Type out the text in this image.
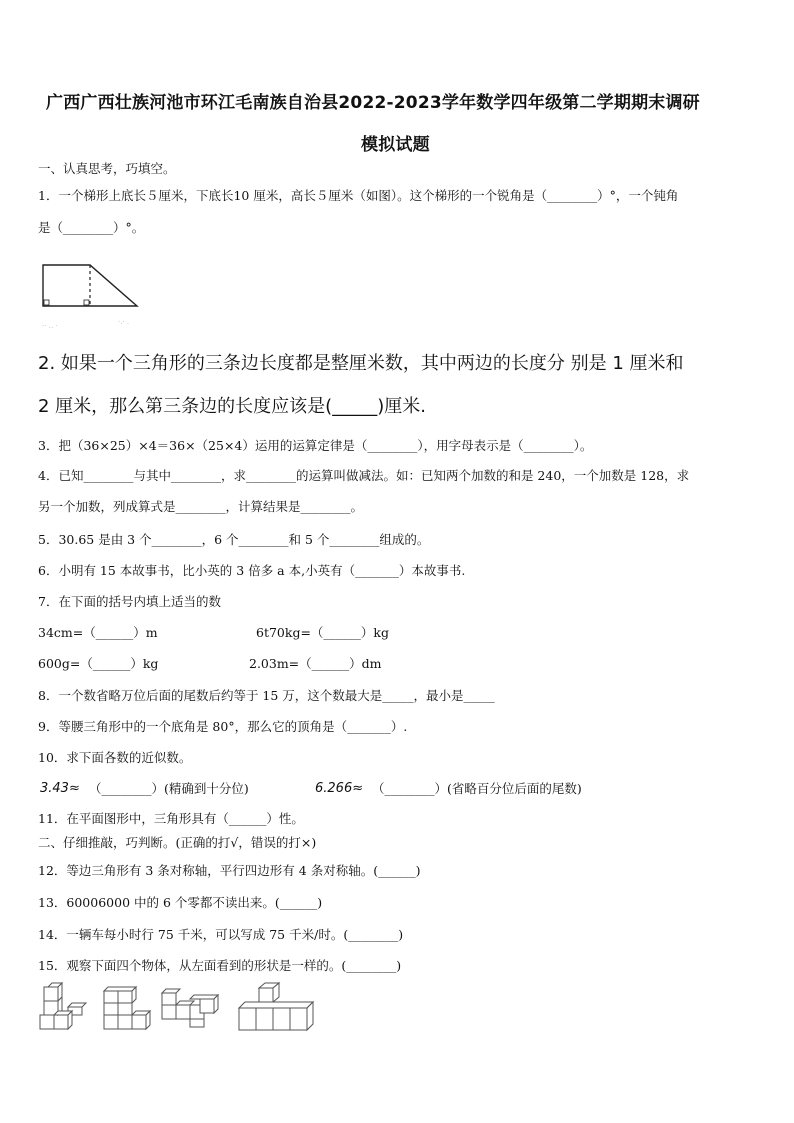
广西广西壮族河池市环江毛南族自治县2022-2023学年数学四年级第二学期期末调研
模拟试题
一、认真思考，巧填空。
1．一个梯形上底长５厘米，下底长10 厘米，高长５厘米（如图）。这个梯形的一个锐角是（________）°，一个钝角
是（________）°。
·· ‥ ·	·.· .
2. 如果一个三角形的三条边长度都是整厘米数，其中两边的长度分 别是 1 厘米和
2 厘米，那么第三条边的长度应该是(_____)厘米.
3．把（36×25）×4＝36×（25×4）运用的运算定律是（________），用字母表示是（________）。
4．已知________与其中________，求________的运算叫做减法。如：已知两个加数的和是 240，一个加数是 128，求
另一个加数，列成算式是________，计算结果是________。
5．30.65 是由 3 个________，6 个________和 5 个________组成的。
6．小明有 15 本故事书，比小英的 3 倍多 a 本,小英有（_______）本故事书.
7．在下面的括号内填上适当的数
34cm=（______）m	6t70kg=（______）kg
600g=（______）kg	2.03m=（______）dm
8．一个数省略万位后面的尾数后约等于 15 万，这个数最大是_____，最小是_____
9．等腰三角形中的一个底角是 80°，那么它的顶角是（_______）.
10．求下面各数的近似数。
3.43≈ （________）(精确到十分位)	6.266≈ （________）(省略百分位后面的尾数)
11．在平面图形中，三角形具有（______）性。
二、仔细推敲，巧判断。(正确的打√，错误的打×)
12．等边三角形有 3 条对称轴，平行四边形有 4 条对称轴。(______)
13．60006000 中的 6 个零都不读出来。(______)
14．一辆车每小时行 75 千米，可以写成 75 千米/时。(________)
15．观察下面四个物体，从左面看到的形状是一样的。(________)
